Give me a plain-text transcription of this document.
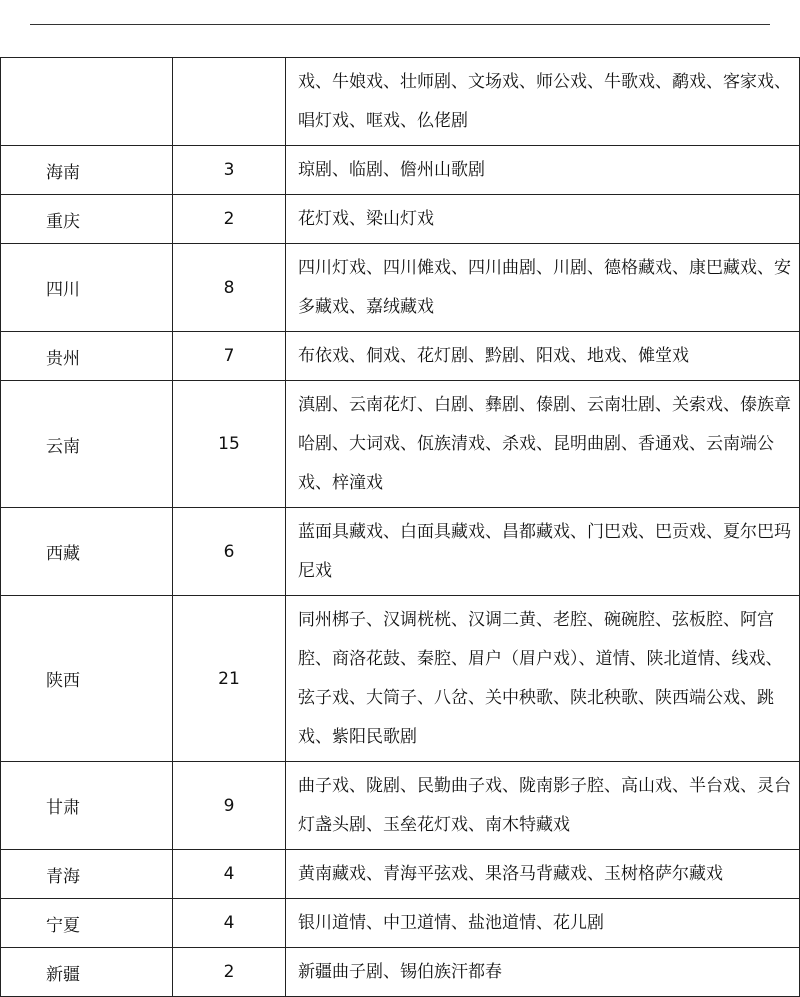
		戏、牛娘戏、壮师剧、文场戏、师公戏、牛歌戏、鹬戏、客家戏、唱灯戏、哐戏、仫佬剧
海南	3	琼剧、临剧、儋州山歌剧
重庆	2	花灯戏、梁山灯戏
四川	8	四川灯戏、四川傩戏、四川曲剧、川剧、德格藏戏、康巴藏戏、安多藏戏、嘉绒藏戏
贵州	7	布依戏、侗戏、花灯剧、黔剧、阳戏、地戏、傩堂戏
云南	15	滇剧、云南花灯、白剧、彝剧、傣剧、云南壮剧、关索戏、傣族章哈剧、大词戏、佤族清戏、杀戏、昆明曲剧、香通戏、云南端公戏、梓潼戏
西藏	6	蓝面具藏戏、白面具藏戏、昌都藏戏、门巴戏、巴贡戏、夏尔巴玛尼戏
陕西	21	同州梆子、汉调桄桄、汉调二黄、老腔、碗碗腔、弦板腔、阿宫腔、商洛花鼓、秦腔、眉户（眉户戏）、道情、陕北道情、线戏、弦子戏、大筒子、八岔、关中秧歌、陕北秧歌、陕西端公戏、跳戏、紫阳民歌剧
甘肃	9	曲子戏、陇剧、民勤曲子戏、陇南影子腔、高山戏、半台戏、灵台灯盏头剧、玉垒花灯戏、南木特藏戏
青海	4	黄南藏戏、青海平弦戏、果洛马背藏戏、玉树格萨尔藏戏
宁夏	4	银川道情、中卫道情、盐池道情、花儿剧
新疆	2	新疆曲子剧、锡伯族汗都春
